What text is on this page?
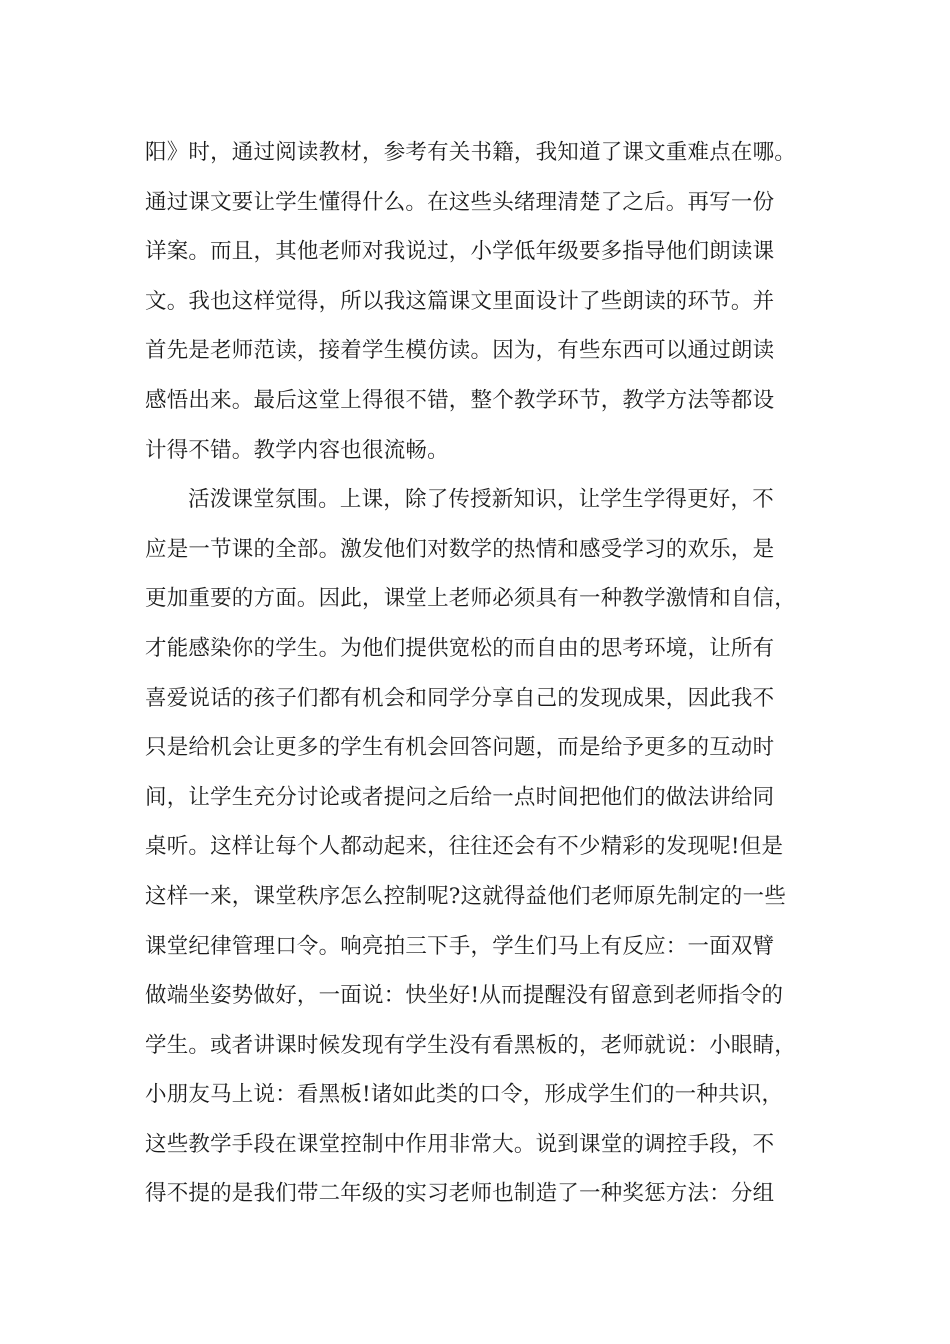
阳》时，通过阅读教材，参考有关书籍，我知道了课文重难点在哪。
通过课文要让学生懂得什么。在这些头绪理清楚了之后。再写一份
详案。而且，其他老师对我说过，小学低年级要多指导他们朗读课
文。我也这样觉得，所以我这篇课文里面设计了些朗读的环节。并
首先是老师范读，接着学生模仿读。因为，有些东西可以通过朗读
感悟出来。最后这堂上得很不错，整个教学环节，教学方法等都设
计得不错。教学内容也很流畅。
活泼课堂氛围。上课，除了传授新知识，让学生学得更好，不
应是一节课的全部。激发他们对数学的热情和感受学习的欢乐，是
更加重要的方面。因此，课堂上老师必须具有一种教学激情和自信，
才能感染你的学生。为他们提供宽松的而自由的思考环境，让所有
喜爱说话的孩子们都有机会和同学分享自己的发现成果，因此我不
只是给机会让更多的学生有机会回答问题，而是给予更多的互动时
间，让学生充分讨论或者提问之后给一点时间把他们的做法讲给同
桌听。这样让每个人都动起来，往往还会有不少精彩的发现呢!但是
这样一来，课堂秩序怎么控制呢?这就得益他们老师原先制定的一些
课堂纪律管理口令。响亮拍三下手，学生们马上有反应：一面双臂
做端坐姿势做好，一面说：快坐好!从而提醒没有留意到老师指令的
学生。或者讲课时候发现有学生没有看黑板的，老师就说：小眼睛，
小朋友马上说：看黑板!诸如此类的口令，形成学生们的一种共识，
这些教学手段在课堂控制中作用非常大。说到课堂的调控手段，不
得不提的是我们带二年级的实习老师也制造了一种奖惩方法：分组
